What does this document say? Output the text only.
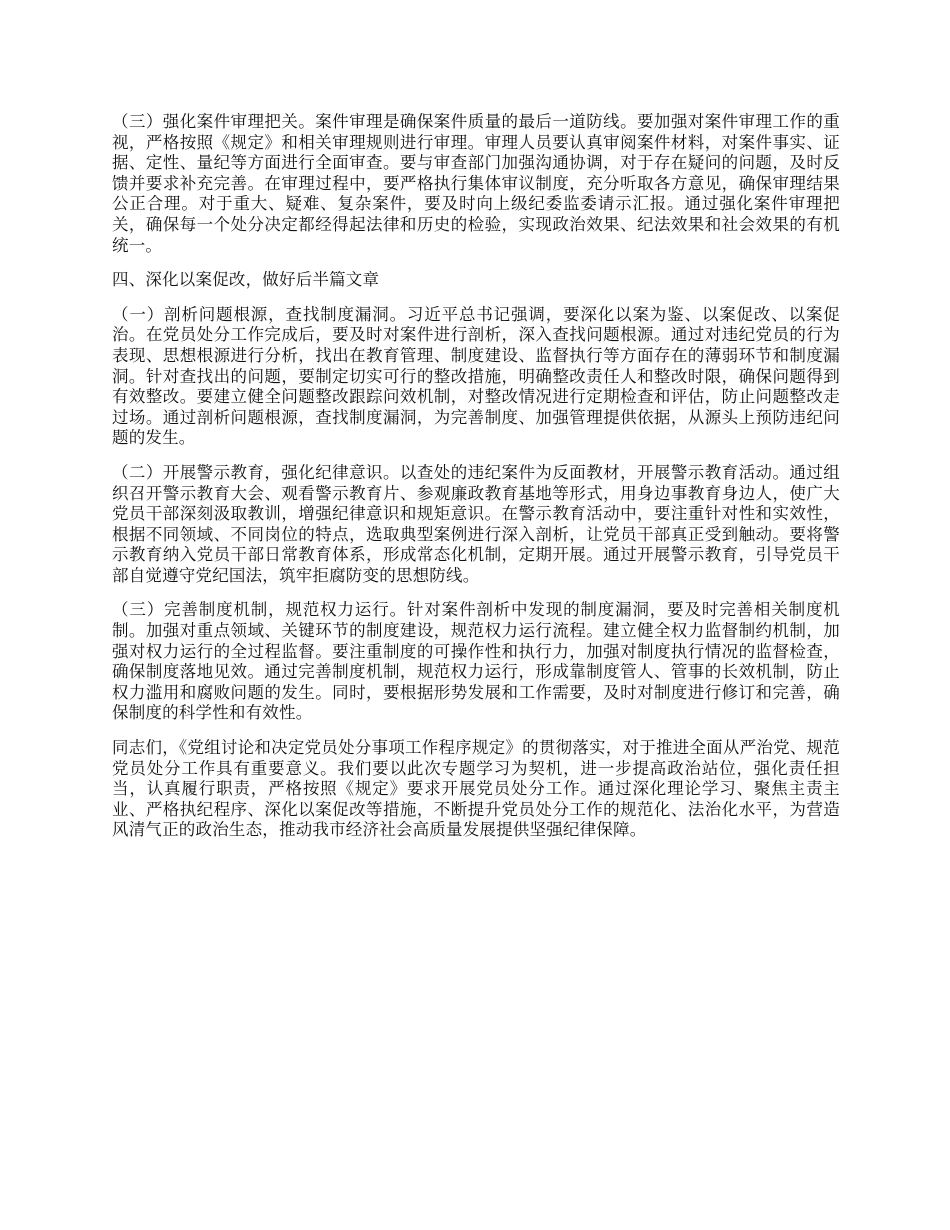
（三）强化案件审理把关。案件审理是确保案件质量的最后一道防线。要加强对案件审理工作的重视，严格按照《规定》和相关审理规则进行审理。审理人员要认真审阅案件材料，对案件事实、证据、定性、量纪等方面进行全面审查。要与审查部门加强沟通协调，对于存在疑问的问题，及时反馈并要求补充完善。在审理过程中，要严格执行集体审议制度，充分听取各方意见，确保审理结果公正合理。对于重大、疑难、复杂案件，要及时向上级纪委监委请示汇报。通过强化案件审理把关，确保每一个处分决定都经得起法律和历史的检验，实现政治效果、纪法效果和社会效果的有机统一。

四、深化以案促改，做好后半篇文章

（一）剖析问题根源，查找制度漏洞。习近平总书记强调，要深化以案为鉴、以案促改、以案促治。在党员处分工作完成后，要及时对案件进行剖析，深入查找问题根源。通过对违纪党员的行为表现、思想根源进行分析，找出在教育管理、制度建设、监督执行等方面存在的薄弱环节和制度漏洞。针对查找出的问题，要制定切实可行的整改措施，明确整改责任人和整改时限，确保问题得到有效整改。要建立健全问题整改跟踪问效机制，对整改情况进行定期检查和评估，防止问题整改走过场。通过剖析问题根源，查找制度漏洞，为完善制度、加强管理提供依据，从源头上预防违纪问题的发生。

（二）开展警示教育，强化纪律意识。以查处的违纪案件为反面教材，开展警示教育活动。通过组织召开警示教育大会、观看警示教育片、参观廉政教育基地等形式，用身边事教育身边人，使广大党员干部深刻汲取教训，增强纪律意识和规矩意识。在警示教育活动中，要注重针对性和实效性，根据不同领域、不同岗位的特点，选取典型案例进行深入剖析，让党员干部真正受到触动。要将警示教育纳入党员干部日常教育体系，形成常态化机制，定期开展。通过开展警示教育，引导党员干部自觉遵守党纪国法，筑牢拒腐防变的思想防线。

（三）完善制度机制，规范权力运行。针对案件剖析中发现的制度漏洞，要及时完善相关制度机制。加强对重点领域、关键环节的制度建设，规范权力运行流程。建立健全权力监督制约机制，加强对权力运行的全过程监督。要注重制度的可操作性和执行力，加强对制度执行情况的监督检查，确保制度落地见效。通过完善制度机制，规范权力运行，形成靠制度管人、管事的长效机制，防止权力滥用和腐败问题的发生。同时，要根据形势发展和工作需要，及时对制度进行修订和完善，确保制度的科学性和有效性。

同志们，《党组讨论和决定党员处分事项工作程序规定》的贯彻落实，对于推进全面从严治党、规范党员处分工作具有重要意义。我们要以此次专题学习为契机，进一步提高政治站位，强化责任担当，认真履行职责，严格按照《规定》要求开展党员处分工作。通过深化理论学习、聚焦主责主业、严格执纪程序、深化以案促改等措施，不断提升党员处分工作的规范化、法治化水平，为营造风清气正的政治生态，推动我市经济社会高质量发展提供坚强纪律保障。
